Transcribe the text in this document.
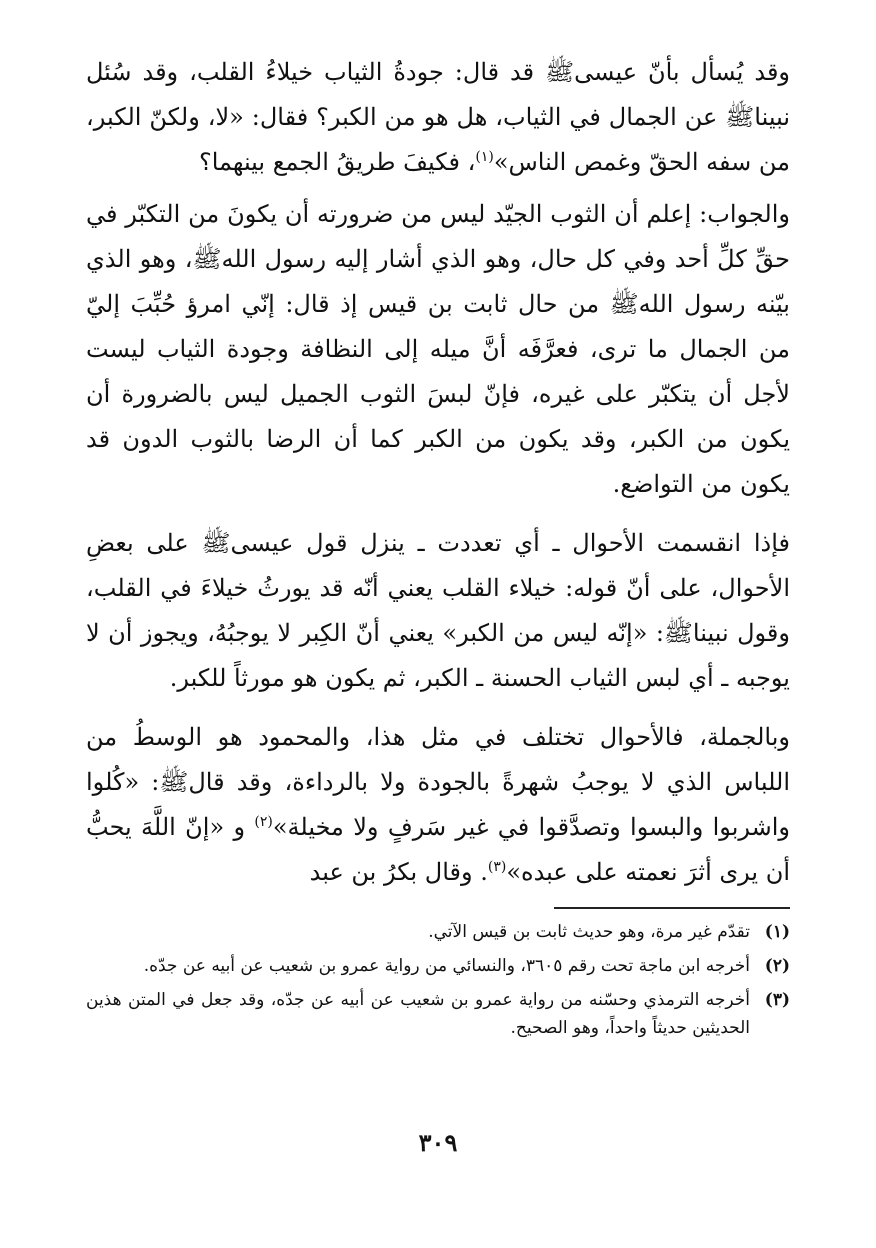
وقد يُسأل بأنّ عيسىﷺ قد قال: جودةُ الثياب خيلاءُ القلب، وقد سُئل نبيناﷺ عن الجمال في الثياب، هل هو من الكبر؟ فقال: «لا، ولكنّ الكبر، من سفه الحقّ وغمص الناس»$^{(١)}$، فكيفَ طريقُ الجمع بينهما؟

والجواب: إعلم أن الثوب الجيّد ليس من ضرورته أن يكونَ من التكبّر في حقِّ كلِّ أحد وفي كل حال، وهو الذي أشار إليه رسول اللهﷺ، وهو الذي بيّنه رسول اللهﷺ من حال ثابت بن قيس إذ قال: إنّي امرؤ حُبِّبَ إليّ من الجمال ما ترى، فعرَّفَه أنَّ ميله إلى النظافة وجودة الثياب ليست لأجل أن يتكبّر على غيره، فإنّ لبسَ الثوب الجميل ليس بالضرورة أن يكون من الكبر، وقد يكون من الكبر كما أن الرضا بالثوب الدون قد يكون من التواضع.

فإذا انقسمت الأحوال ـ أي تعددت ـ ينزل قول عيسىﷺ على بعضِ الأحوال، على أنّ قوله: خيلاء القلب يعني أنّه قد يورثُ خيلاءَ في القلب، وقول نبيناﷺ: «إنّه ليس من الكبر» يعني أنّ الكِبر لا يوجبُهُ، ويجوز أن لا يوجبه ـ أي لبس الثياب الحسنة ـ الكبر، ثم يكون هو مورثاً للكبر.

وبالجملة، فالأحوال تختلف في مثل هذا، والمحمود هو الوسطُ من اللباس الذي لا يوجبُ شهرةً بالجودة ولا بالرداءة، وقد قالﷺ: «كُلوا واشربوا والبسوا وتصدَّقوا في غير سَرفٍ ولا مخيلة»$^{(٢)}$ و «إنّ اللَّهَ يحبُّ أن يرى أثرَ نعمته على عبده»$^{(٣)}$. وقال بكرُ بن عبد

(١)
تقدّم غير مرة، وهو حديث ثابت بن قيس الآتي.
(٢)
أخرجه ابن ماجة تحت رقم ٣٦٠٥، والنسائي من رواية عمرو بن شعيب عن أبيه عن جدّه.
(٣)
أخرجه الترمذي وحسّنه من رواية عمرو بن شعيب عن أبيه عن جدّه، وقد جعل في المتن هذين الحديثين حديثاً واحداً، وهو الصحيح.
٣٠٩
